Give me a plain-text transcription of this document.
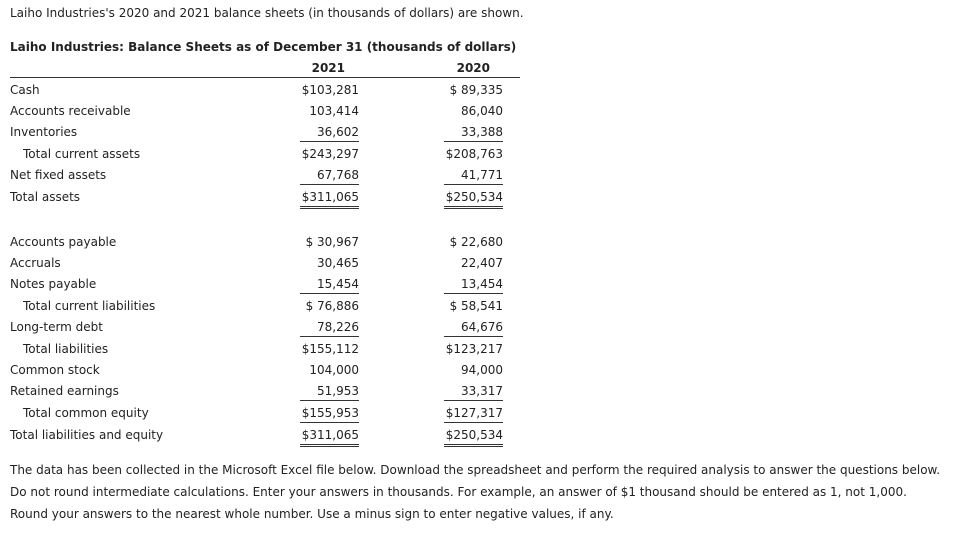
Laiho Industries's 2020 and 2021 balance sheets (in thousands of dollars) are shown.
Laiho Industries: Balance Sheets as of December 31 (thousands of dollars)
2021	2020
Cash	$103,281	$ 89,335
Accounts receivable	103,414	86,040
Inventories	36,602	33,388
Total current assets	$243,297	$208,763
Net fixed assets	67,768	41,771
Total assets	$311,065	$250,534
Accounts payable	$ 30,967	$ 22,680
Accruals	30,465	22,407
Notes payable	15,454	13,454
Total current liabilities	$ 76,886	$ 58,541
Long-term debt	78,226	64,676
Total liabilities	$155,112	$123,217
Common stock	104,000	94,000
Retained earnings	51,953	33,317
Total common equity	$155,953	$127,317
Total liabilities and equity	$311,065	$250,534
The data has been collected in the Microsoft Excel file below. Download the spreadsheet and perform the required analysis to answer the questions below.
Do not round intermediate calculations. Enter your answers in thousands. For example, an answer of $1 thousand should be entered as 1, not 1,000.
Round your answers to the nearest whole number. Use a minus sign to enter negative values, if any.
